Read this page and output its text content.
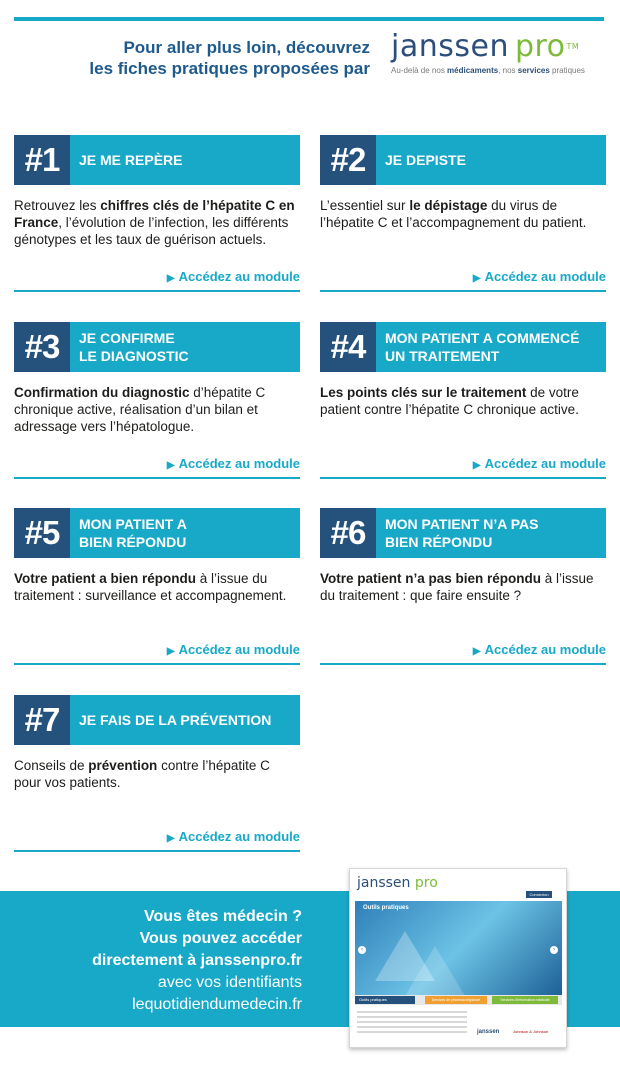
Pour aller plus loin, découvrez
les fiches pratiques proposées par
janssen pro™
Au-delà de nos médicaments, nos services pratiques
#1	JE ME REPÈRE
Retrouvez les chiffres clés de l’hépatite C en France, l’évolution de l’infection, les différents génotypes et les taux de guérison actuels.
▶ Accédez au module
#2	JE DEPISTE
L’essentiel sur le dépistage du virus de l’hépatite C et l’accompagnement du patient.
▶ Accédez au module
#3	JE CONFIRME
LE DIAGNOSTIC
Confirmation du diagnostic d’hépatite C chronique active, réalisation d’un bilan et adressage vers l’hépatologue.
▶ Accédez au module
#4	MON PATIENT A COMMENCÉ
UN TRAITEMENT
Les points clés sur le traitement de votre patient contre l’hépatite C chronique active.
▶ Accédez au module
#5	MON PATIENT A
BIEN RÉPONDU
Votre patient a bien répondu à l’issue du traitement : surveillance et accompagnement.
▶ Accédez au module
#6	MON PATIENT N’A PAS
BIEN RÉPONDU
Votre patient n’a pas bien répondu à l’issue du traitement : que faire ensuite ?
▶ Accédez au module
#7	JE FAIS DE LA PRÉVENTION
Conseils de prévention contre l’hépatite C pour vos patients.
▶ Accédez au module
Vous êtes médecin ?
Vous pouvez accéder
directement à janssenpro.fr
avec vos identifiants
lequotidiendumedecin.fr
janssen pro
Connexion
Outils pratiques
‹	›
Outils pratiques	Services de pharmacovigilance	Services d’information médicale
janssen	Johnson & Johnson
